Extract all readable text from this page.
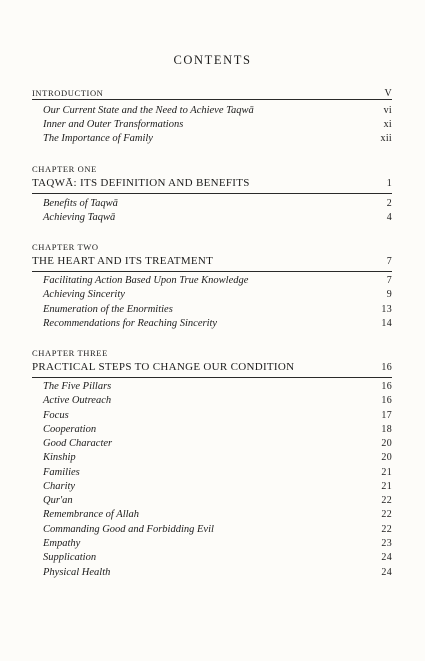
CONTENTS
INTRODUCTION	V
Our Current State and the Need to Achieve Taqwā	vi
Inner and Outer Transformations	xi
The Importance of Family	xii
CHAPTER ONE
TAQWĀ: ITS DEFINITION AND BENEFITS	1
Benefits of Taqwā	2
Achieving Taqwā	4
CHAPTER TWO
THE HEART AND ITS TREATMENT	7
Facilitating Action Based Upon True Knowledge	7
Achieving Sincerity	9
Enumeration of the Enormities	13
Recommendations for Reaching Sincerity	14
CHAPTER THREE
PRACTICAL STEPS TO CHANGE OUR CONDITION	16
The Five Pillars	16
Active Outreach	16
Focus	17
Cooperation	18
Good Character	20
Kinship	20
Families	21
Charity	21
Qur'an	22
Remembrance of Allah	22
Commanding Good and Forbidding Evil	22
Empathy	23
Supplication	24
Physical Health	24
